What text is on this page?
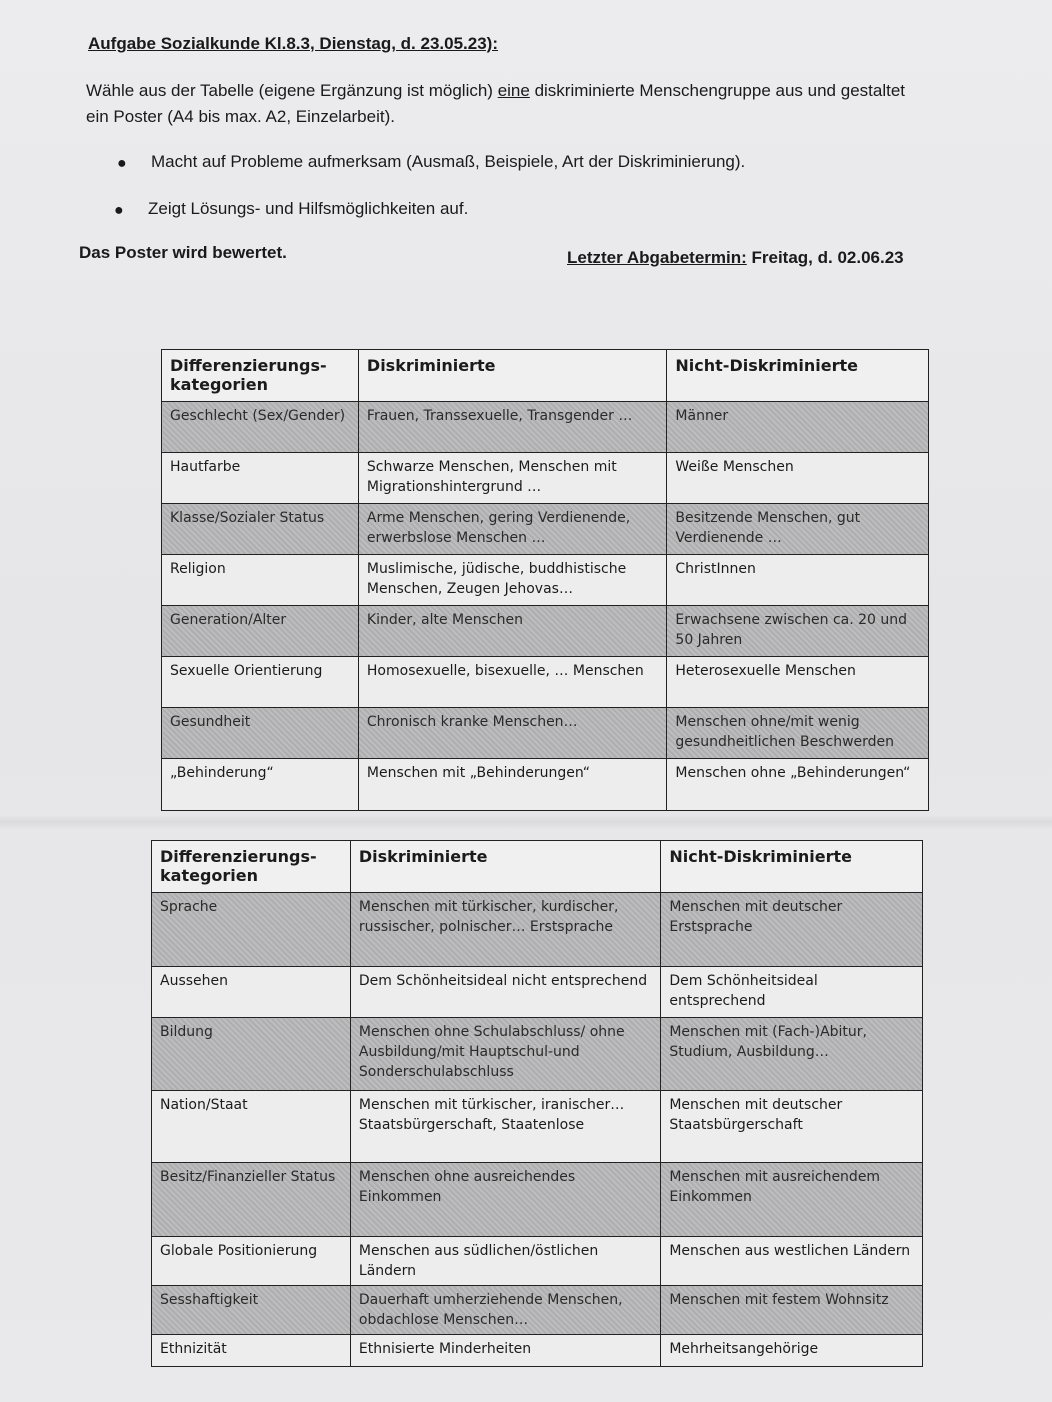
Aufgabe Sozialkunde Kl.8.3, Dienstag, d. 23.05.23):
Wähle aus der Tabelle (eigene Ergänzung ist möglich) eine diskriminierte Menschengruppe aus und gestaltet ein Poster (A4 bis max. A2, Einzelarbeit).
● Macht auf Probleme aufmerksam (Ausmaß, Beispiele, Art der Diskriminierung).
● Zeigt Lösungs- und Hilfsmöglichkeiten auf.
Das Poster wird bewertet.	Letzter Abgabetermin: Freitag, d. 02.06.23
Differenzierungs-
kategorien	Diskriminierte	Nicht-Diskriminierte
Geschlecht (Sex/Gender)	Frauen, Transsexuelle, Transgender …	Männer
Hautfarbe	Schwarze Menschen, Menschen mit Migrationshintergrund …	Weiße Menschen
Klasse/Sozialer Status	Arme Menschen, gering Verdienende, erwerbslose Menschen …	Besitzende Menschen, gut Verdienende …
Religion	Muslimische, jüdische, buddhistische Menschen, Zeugen Jehovas…	ChristInnen
Generation/Alter	Kinder, alte Menschen	Erwachsene zwischen ca. 20 und 50 Jahren
Sexuelle Orientierung	Homosexuelle, bisexuelle, … Menschen	Heterosexuelle Menschen
Gesundheit	Chronisch kranke Menschen…	Menschen ohne/mit wenig gesundheitlichen Beschwerden
„Behinderung“	Menschen mit „Behinderungen“	Menschen ohne „Behinderungen“
Differenzierungs-
kategorien	Diskriminierte	Nicht-Diskriminierte
Sprache	Menschen mit türkischer, kurdischer, russischer, polnischer… Erstsprache	Menschen mit deutscher Erstsprache
Aussehen	Dem Schönheitsideal nicht entsprechend	Dem Schönheitsideal entsprechend
Bildung	Menschen ohne Schulabschluss/ ohne Ausbildung/mit Hauptschul-und Sonderschulabschluss	Menschen mit (Fach-)Abitur, Studium, Ausbildung…
Nation/Staat	Menschen mit türkischer, iranischer… Staatsbürgerschaft, Staatenlose	Menschen mit deutscher Staatsbürgerschaft
Besitz/Finanzieller Status	Menschen ohne ausreichendes Einkommen	Menschen mit ausreichendem Einkommen
Globale Positionierung	Menschen aus südlichen/östlichen Ländern	Menschen aus westlichen Ländern
Sesshaftigkeit	Dauerhaft umherziehende Menschen, obdachlose Menschen…	Menschen mit festem Wohnsitz
Ethnizität	Ethnisierte Minderheiten	Mehrheitsangehörige
